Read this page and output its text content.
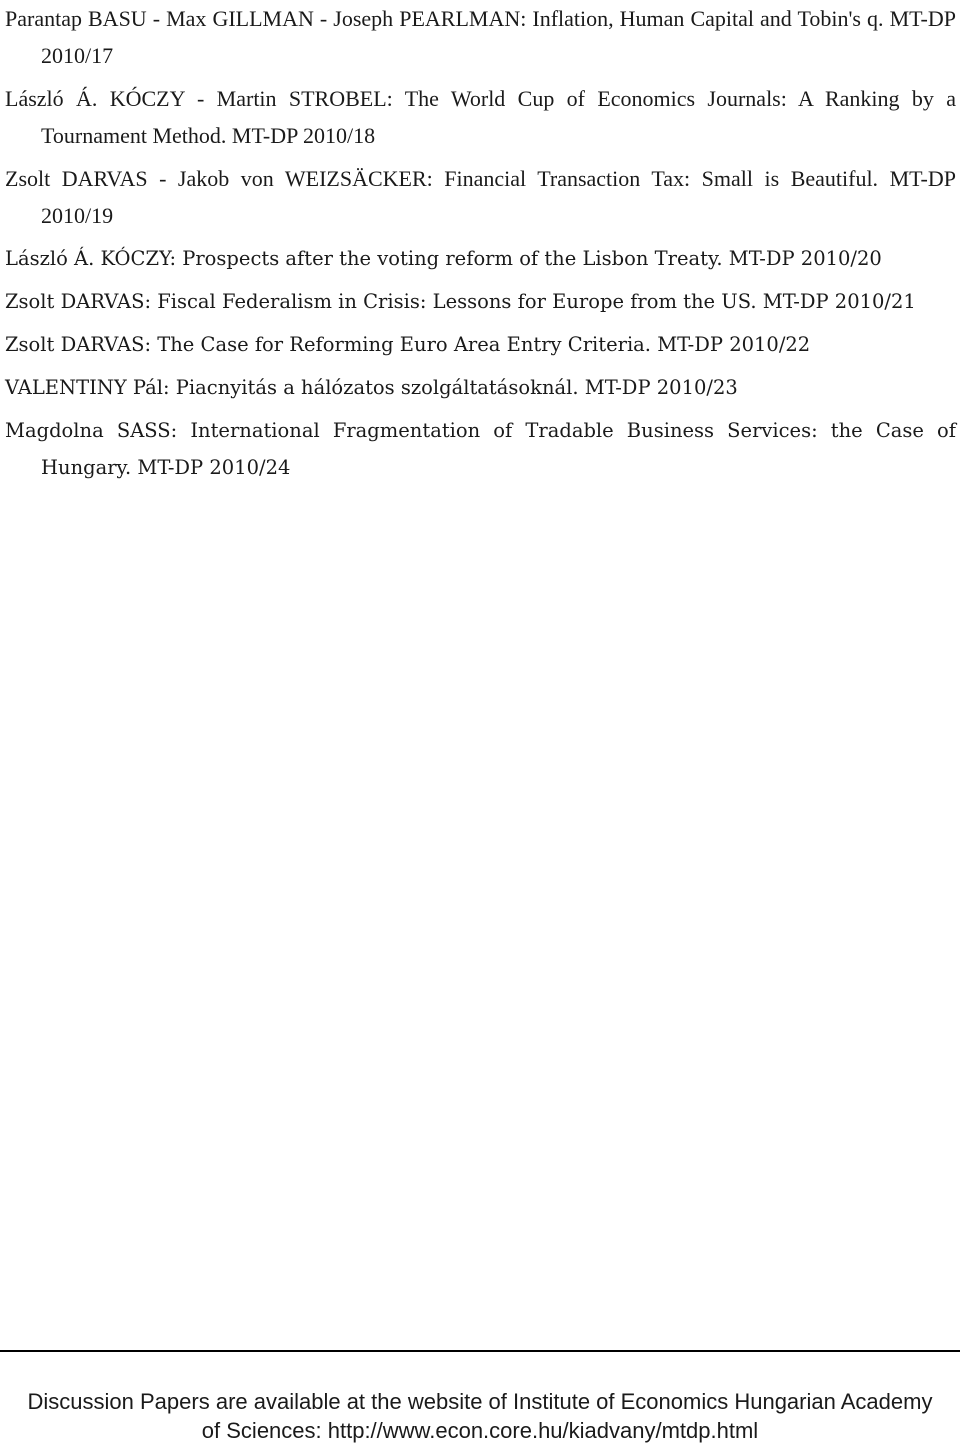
Parantap BASU - Max GILLMAN - Joseph PEARLMAN: Inflation, Human Capital and Tobin's q. MT-DP 2010/17

László Á. KÓCZY - Martin STROBEL: The World Cup of Economics Journals: A Ranking by a Tournament Method. MT-DP 2010/18

Zsolt DARVAS - Jakob von WEIZSÄCKER: Financial Transaction Tax: Small is Beautiful. MT-DP 2010/19

László Á. KÓCZY: Prospects after the voting reform of the Lisbon Treaty. MT-DP 2010/20

Zsolt DARVAS: Fiscal Federalism in Crisis: Lessons for Europe from the US. MT-DP 2010/21

Zsolt DARVAS: The Case for Reforming Euro Area Entry Criteria. MT-DP 2010/22

VALENTINY Pál: Piacnyitás a hálózatos szolgáltatásoknál. MT-DP 2010/23

Magdolna SASS: International Fragmentation of Tradable Business Services: the Case of Hungary. MT-DP 2010/24

Discussion Papers are available at the website of Institute of Economics Hungarian Academy
of Sciences: http://www.econ.core.hu/kiadvany/mtdp.html
